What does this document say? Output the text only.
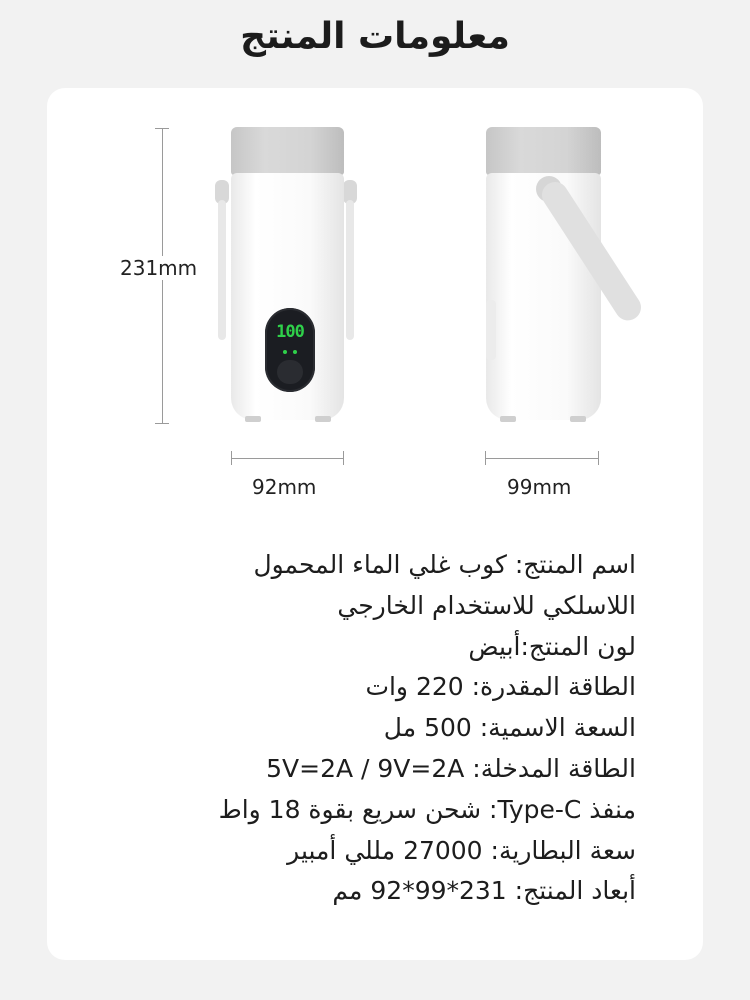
معلومات المنتج
231mm
100
92mm	99mm
اسم المنتج: كوب غلي الماء المحمول
اللاسلكي للاستخدام الخارجي
لون المنتج:أبيض
الطاقة المقدرة: 220 وات
السعة الاسمية: 500 مل
الطاقة المدخلة: 5V=2A / 9V=2A
منفذ Type-C: شحن سريع بقوة 18 واط
سعة البطارية: 27000 مللي أمبير
أبعاد المنتج: 231*99*92 مم
